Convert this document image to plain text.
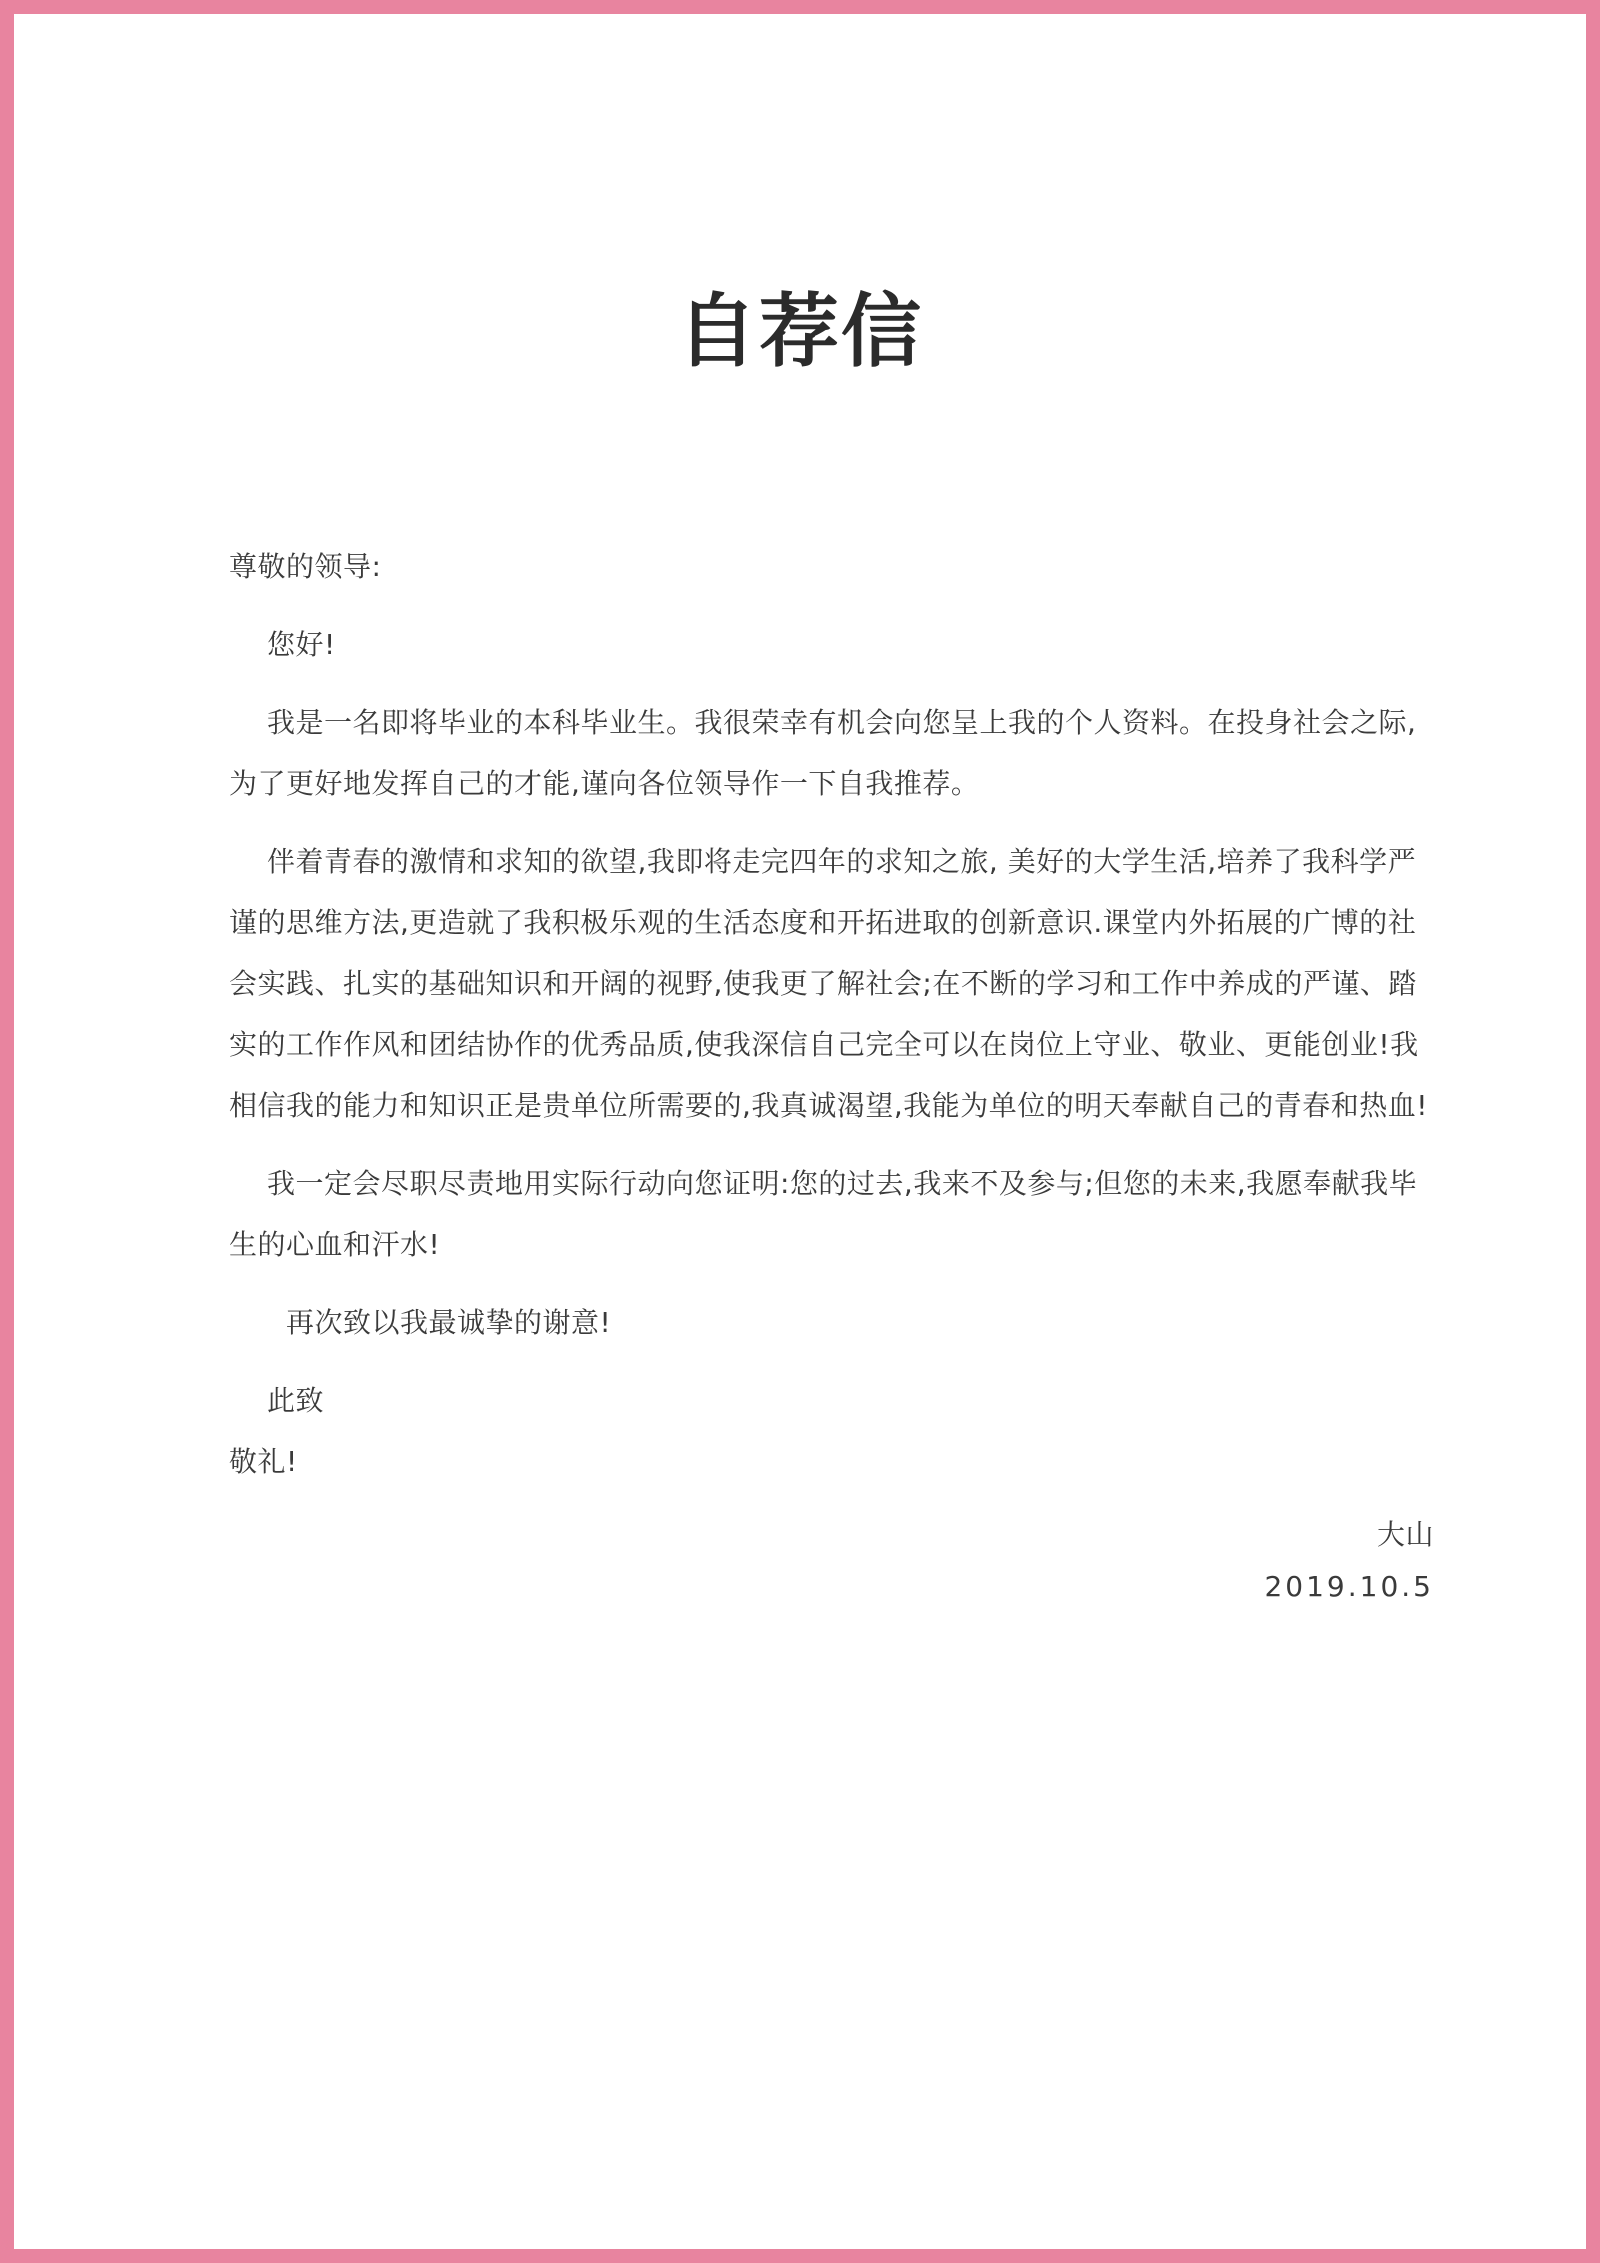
自荐信

尊敬的领导:

您好!

我是一名即将毕业的本科毕业生。我很荣幸有机会向您呈上我的个人资料。在投身社会之际,为了更好地发挥自己的才能,谨向各位领导作一下自我推荐。

伴着青春的激情和求知的欲望,我即将走完四年的求知之旅, 美好的大学生活,培养了我科学严谨的思维方法,更造就了我积极乐观的生活态度和开拓进取的创新意识.课堂内外拓展的广博的社会实践、扎实的基础知识和开阔的视野,使我更了解社会;在不断的学习和工作中养成的严谨、踏实的工作作风和团结协作的优秀品质,使我深信自己完全可以在岗位上守业、敬业、更能创业!我相信我的能力和知识正是贵单位所需要的,我真诚渴望,我能为单位的明天奉献自己的青春和热血!

我一定会尽职尽责地用实际行动向您证明:您的过去,我来不及参与;但您的未来,我愿奉献我毕生的心血和汗水!

再次致以我最诚挚的谢意!

此致

敬礼!

大山

2019.10.5
